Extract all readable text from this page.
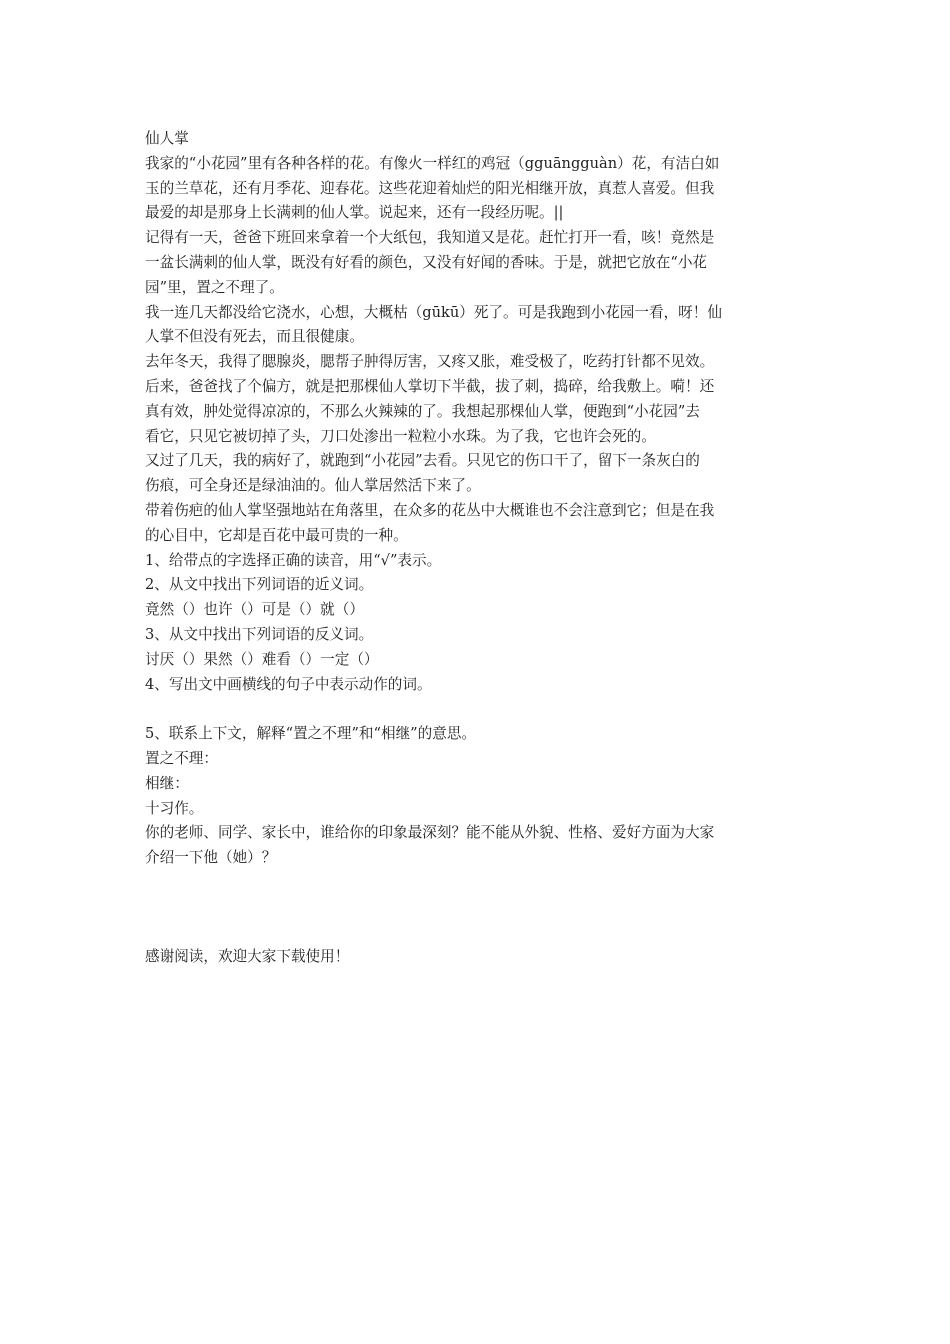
仙人掌
我家的“小花园”里有各种各样的花。有像火一样红的鸡冠（gguāngguàn）花，有洁白如
玉的兰草花，还有月季花、迎春花。这些花迎着灿烂的阳光相继开放，真惹人喜爱。但我
最爱的却是那身上长满刺的仙人掌。说起来，还有一段经历呢。||
记得有一天，爸爸下班回来拿着一个大纸包，我知道又是花。赶忙打开一看，咳！竟然是
一盆长满刺的仙人掌，既没有好看的颜色，又没有好闻的香味。于是，就把它放在“小花
园”里，置之不理了。
我一连几天都没给它浇水，心想，大概枯（gūkū）死了。可是我跑到小花园一看，呀！仙
人掌不但没有死去，而且很健康。
去年冬天，我得了腮腺炎，腮帮子肿得厉害，又疼又胀，难受极了，吃药打针都不见效。
后来，爸爸找了个偏方，就是把那棵仙人掌切下半截，拔了刺，捣碎，给我敷上。嗬！还
真有效，肿处觉得凉凉的，不那么火辣辣的了。我想起那棵仙人掌，便跑到“小花园”去
看它，只见它被切掉了头，刀口处渗出一粒粒小水珠。为了我，它也许会死的。
又过了几天，我的病好了，就跑到“小花园”去看。只见它的伤口干了，留下一条灰白的
伤痕，可全身还是绿油油的。仙人掌居然活下来了。
带着伤疤的仙人掌坚强地站在角落里，在众多的花丛中大概谁也不会注意到它；但是在我
的心目中，它却是百花中最可贵的一种。
1、给带点的字选择正确的读音，用“√”表示。
2、从文中找出下列词语的近义词。
竟然（）也许（）可是（）就（）
3、从文中找出下列词语的反义词。
讨厌（）果然（）难看（）一定（）
4、写出文中画横线的句子中表示动作的词。
5、联系上下文，解释“置之不理”和“相继”的意思。
置之不理：
相继：
十习作。
你的老师、同学、家长中，谁给你的印象最深刻？能不能从外貌、性格、爱好方面为大家
介绍一下他（她）？
感谢阅读，欢迎大家下载使用！
